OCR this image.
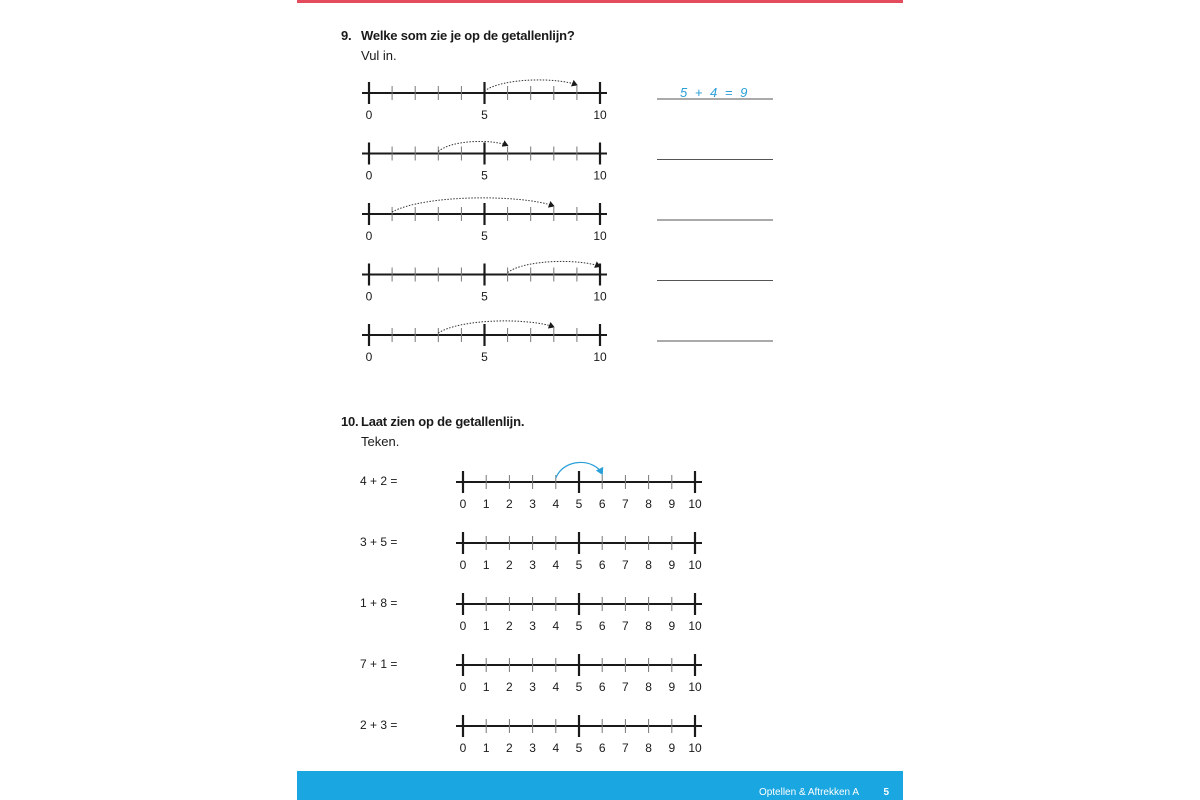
9. Welke som zie je op de getallenlijn?
Vul in.
10. Laat zien op de getallenlijn.
Teken.
4 + 2 =
3 + 5 =
1 + 8 =
7 + 1 =
2 + 3 =
0	5	10
5 + 4 = 9
0	5	10
0	5	10
0	5	10
0	5	10
0 1 2 3 4 5 6 7 8 9 10
0 1 2 3 4 5 6 7 8 9 10
0 1 2 3 4 5 6 7 8 9 10
0 1 2 3 4 5 6 7 8 9 10
0 1 2 3 4 5 6 7 8 9 10
Optellen & Aftrekken A 5
